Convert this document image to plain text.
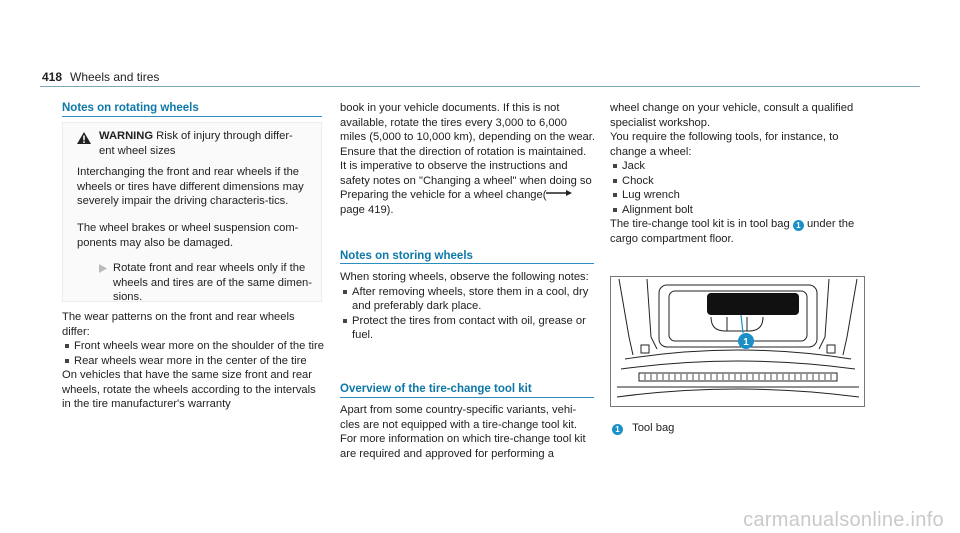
418 Wheels and tires
Notes on rotating wheels
WARNING Risk of injury through differ-
ent wheel sizes

Interchanging the front and rear wheels if the wheels or tires have different dimensions may severely impair the driving characteris-tics.

The wheel brakes or wheel suspension com-ponents may also be damaged.

Rotate front and rear wheels only if the wheels and tires are of the same dimen-sions.

The wear patterns on the front and rear wheels differ:

Front wheels wear more on the shoulder of the tire
Rear wheels wear more in the center of the tire

On vehicles that have the same size front and rear wheels, rotate the wheels according to the intervals in the tire manufacturer's warranty

book in your vehicle documents. If this is not available, rotate the tires every 3,000 to 6,000 miles (5,000 to 10,000 km), depending on the wear. Ensure that the direction of rotation is maintained.

It is imperative to observe the instructions and safety notes on "Changing a wheel" when doing so Preparing the vehicle for a wheel change( page 419).

Notes on storing wheels

When storing wheels, observe the following notes:

After removing wheels, store them in a cool, dry and preferably dark place.
Protect the tires from contact with oil, grease or fuel.
Overview of the tire-change tool kit

Apart from some country-specific variants, vehi-cles are not equipped with a tire-change tool kit. For more information on which tire-change tool kit are required and approved for performing a

wheel change on your vehicle, consult a qualified specialist workshop.

You require the following tools, for instance, to change a wheel:

Jack
Chock
Lug wrench
Alignment bolt

The tire-change tool kit is in tool bag 1 under the cargo compartment floor.

1
1 Tool bag
carmanualsonline.info
